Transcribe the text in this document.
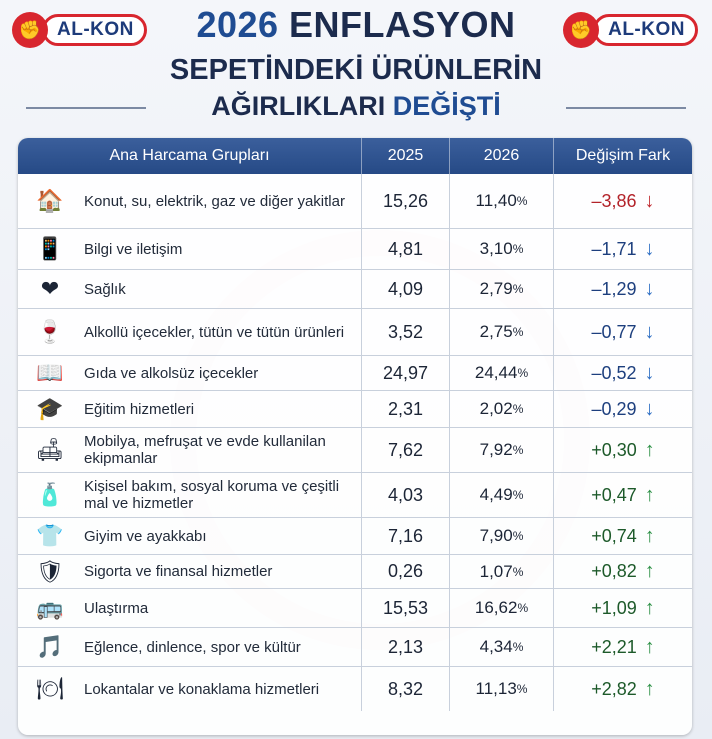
✊ AL-KON	✊ AL-KON
2026 ENFLASYON
SEPETİNDEKİ ÜRÜNLERİN
AĞIRLIKLARI DEĞİŞTİ
Ana Harcama Grupları	2025	2026	Değişim Fark
🏠	Konut, su, elektrik, gaz ve diğer yakitlar	15,26	11,40 %	–3,86 ↓
📱	Bilgi ve iletişim	4,81	3,10 %	–1,71 ↓
❤	Sağlık	4,09	2,79 %	–1,29 ↓
🍷	Alkollü içecekler, tütün ve tütün ürünleri	3,52	2,75 %	–0,77 ↓
📖	Gıda ve alkolsüz içecekler	24,97	24,44 %	–0,52 ↓
🎓	Eğitim hizmetleri	2,31	2,02 %	–0,29 ↓
🛋	Mobilya, mefruşat ve evde kullanilan ekipmanlar	7,62	7,92 %	+0,30 ↑
🧴	Kişisel bakım, sosyal koruma ve çeşitli mal ve hizmetler	4,03	4,49 %	+0,47 ↑
👕	Giyim ve ayakkabı	7,16	7,90 %	+0,74 ↑
🛡	Sigorta ve finansal hizmetler	0,26	1,07 %	+0,82 ↑
🚌	Ulaştırma	15,53	16,62 %	+1,09 ↑
🎵	Eğlence, dinlence, spor ve kültür	2,13	4,34 %	+2,21 ↑
🍽	Lokantalar ve konaklama hizmetleri	8,32	11,13 %	+2,82 ↑
